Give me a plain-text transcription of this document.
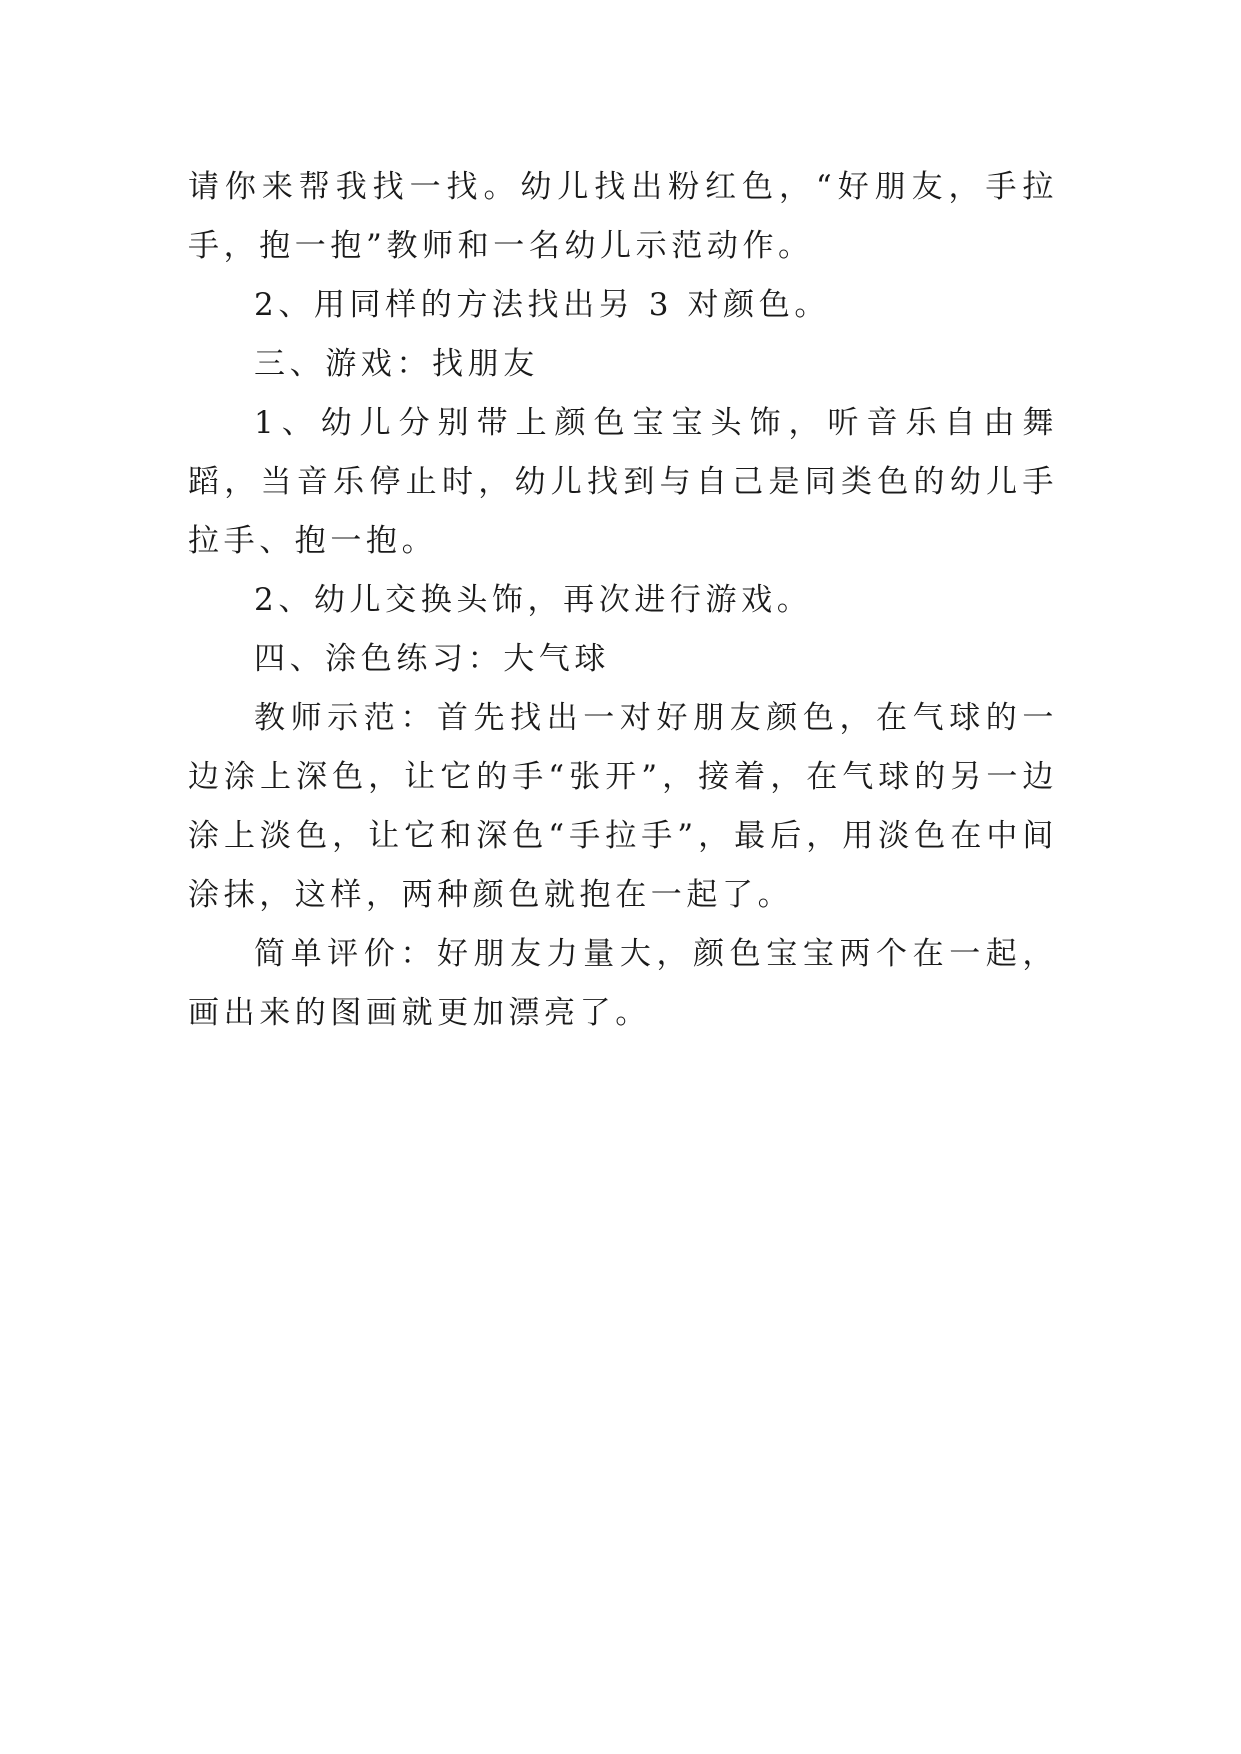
请你来帮我找一找。幼儿找出粉红色，“好朋友，手拉手，抱一抱”教师和一名幼儿示范动作。

2、用同样的方法找出另 3 对颜色。

三、游戏：找朋友

1、幼儿分别带上颜色宝宝头饰，听音乐自由舞蹈，当音乐停止时，幼儿找到与自己是同类色的幼儿手拉手、抱一抱。

2、幼儿交换头饰，再次进行游戏。

四、涂色练习：大气球

教师示范：首先找出一对好朋友颜色，在气球的一边涂上深色，让它的手“张开”，接着，在气球的另一边涂上淡色，让它和深色“手拉手”，最后，用淡色在中间涂抹，这样，两种颜色就抱在一起了。

简单评价：好朋友力量大，颜色宝宝两个在一起，画出来的图画就更加漂亮了。
